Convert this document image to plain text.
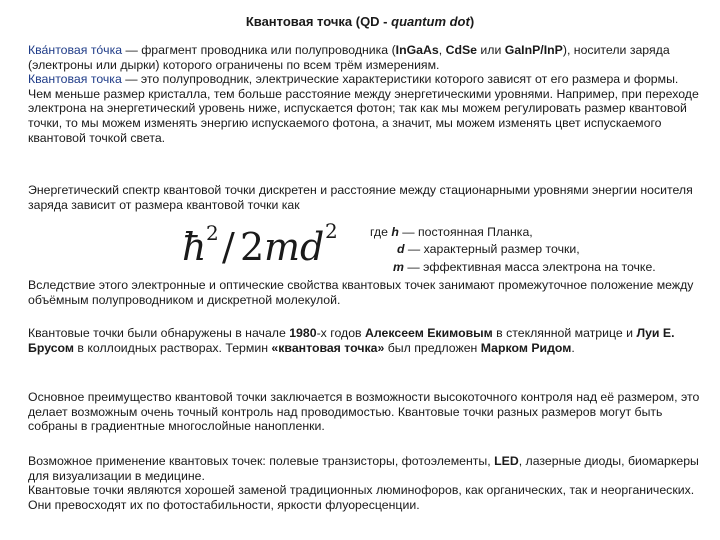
Квантовая точка (QD - quantum dot)

Ква́нтовая то́чка — фрагмент проводника или полупроводника (InGaAs, CdSe или GaInP/InP), носители заряда (электроны или дырки) которого ограничены по всем трём измерениям.
Квантовая точка — это полупроводник, электрические характеристики которого зависят от его размера и формы. Чем меньше размер кристалла, тем больше расстояние между энергетическими уровнями. Например, при переходе электрона на энергетический уровень ниже, испускается фотон; так как мы можем регулировать размер квантовой точки, то мы можем изменять энергию испускаемого фотона, а значит, мы можем изменять цвет испускаемого квантовой точкой света.

Энергетический спектр квантовой точки дискретен и расстояние между стационарными уровнями энергии носителя заряда зависит от размера квантовой точки как

ħ 2 / 2 m d 2	где h — постоянная Планка,
d — характерный размер точки,
m — эффективная масса электрона на точке.

Вследствие этого электронные и оптические свойства квантовых точек занимают промежуточное положение между объёмным полупроводником и дискретной молекулой.

Квантовые точки были обнаружены в начале 1980-х годов Алексеем Екимовым в стеклянной матрице и Луи Е. Брусом в коллоидных растворах. Термин «квантовая точка» был предложен Марком Ридом.

Основное преимущество квантовой точки заключается в возможности высокоточного контроля над её размером, это делает возможным очень точный контроль над проводимостью. Квантовые точки разных размеров могут быть собраны в градиентные многослойные нанопленки.

Возможное применение квантовых точек: полевые транзисторы, фотоэлементы, LED, лазерные диоды, биомаркеры для визуализации в медицине.
Квантовые точки являются хорошей заменой традиционных люминофоров, как органических, так и неорганических. Они превосходят их по фотостабильности, яркости флуоресценции.
